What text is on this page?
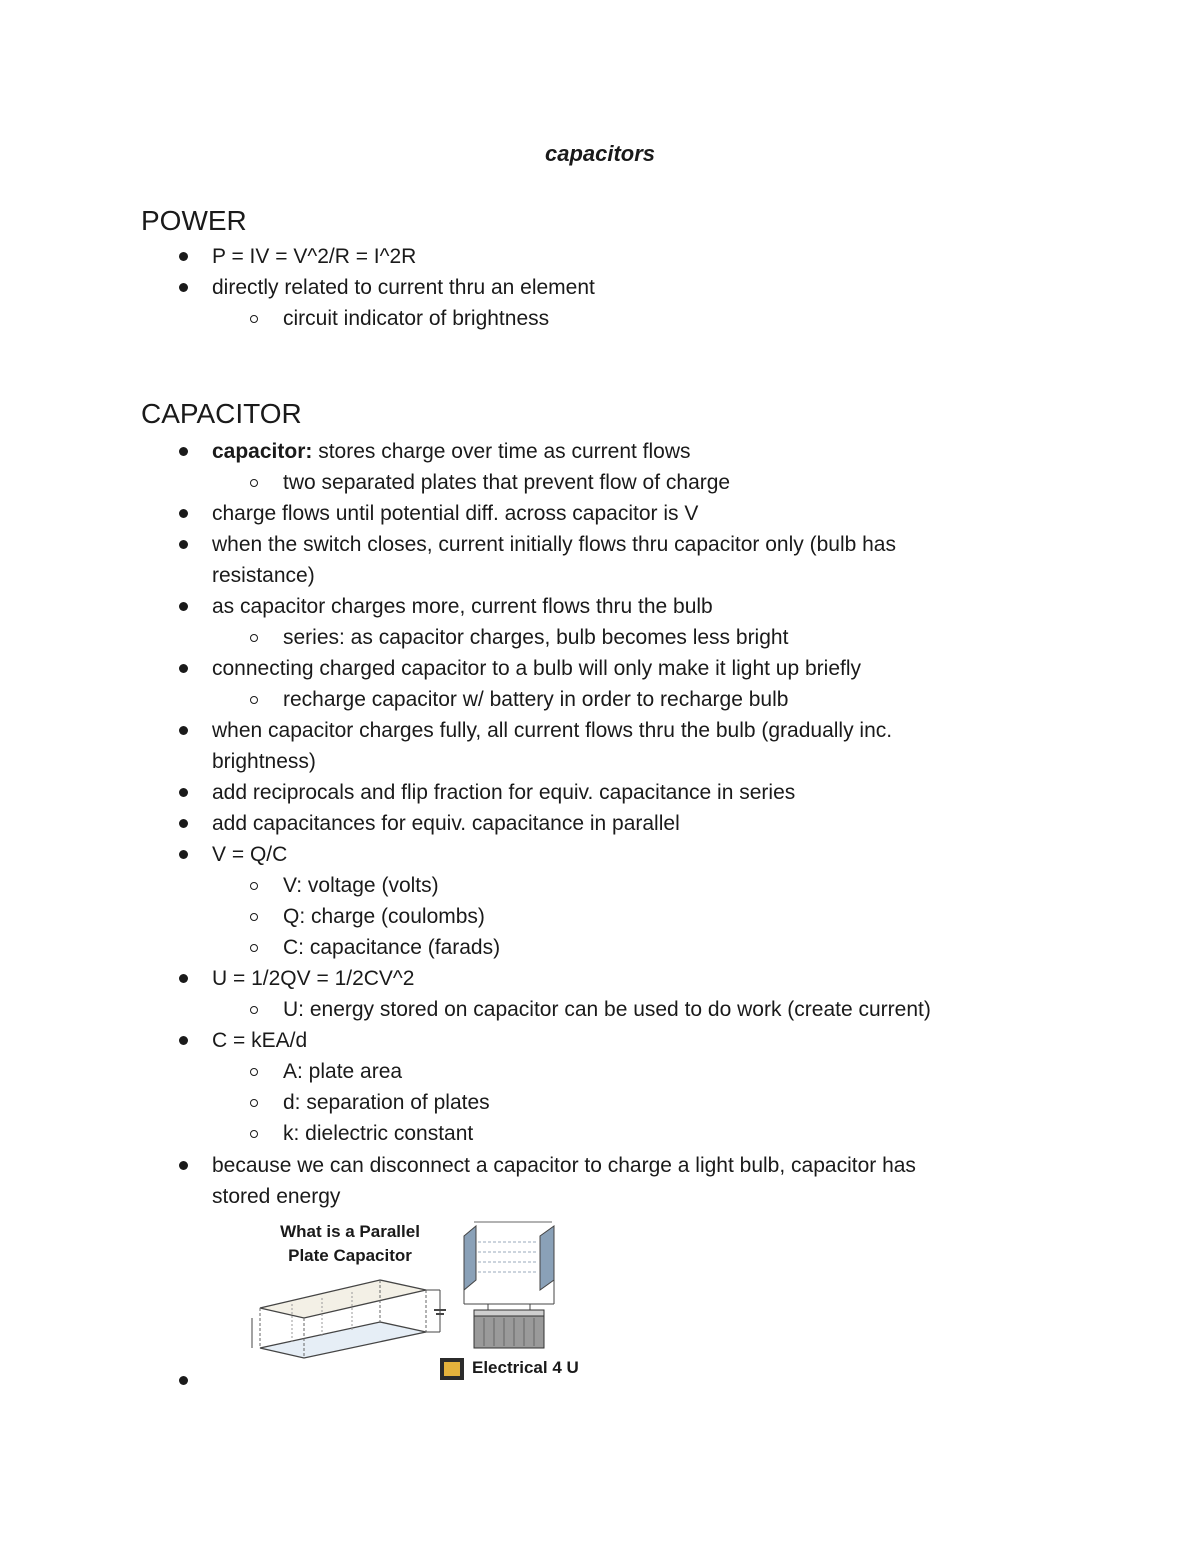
capacitors
POWER
P = IV = V^2/R = I^2R
directly related to current thru an element
circuit indicator of brightness
CAPACITOR
capacitor: stores charge over time as current flows
two separated plates that prevent flow of charge
charge flows until potential diff. across capacitor is V
when the switch closes, current initially flows thru capacitor only (bulb has
resistance)
as capacitor charges more, current flows thru the bulb
series: as capacitor charges, bulb becomes less bright
connecting charged capacitor to a bulb will only make it light up briefly
recharge capacitor w/ battery in order to recharge bulb
when capacitor charges fully, all current flows thru the bulb (gradually inc.
brightness)
add reciprocals and flip fraction for equiv. capacitance in series
add capacitances for equiv. capacitance in parallel
V = Q/C
V: voltage (volts)
Q: charge (coulombs)
C: capacitance (farads)
U = 1/2QV = 1/2CV^2
U: energy stored on capacitor can be used to do work (create current)
C = kEA/d
A: plate area
d: separation of plates
k: dielectric constant
because we can disconnect a capacitor to charge a light bulb, capacitor has
stored energy
What is a Parallel
Plate Capacitor
Electrical 4 U
